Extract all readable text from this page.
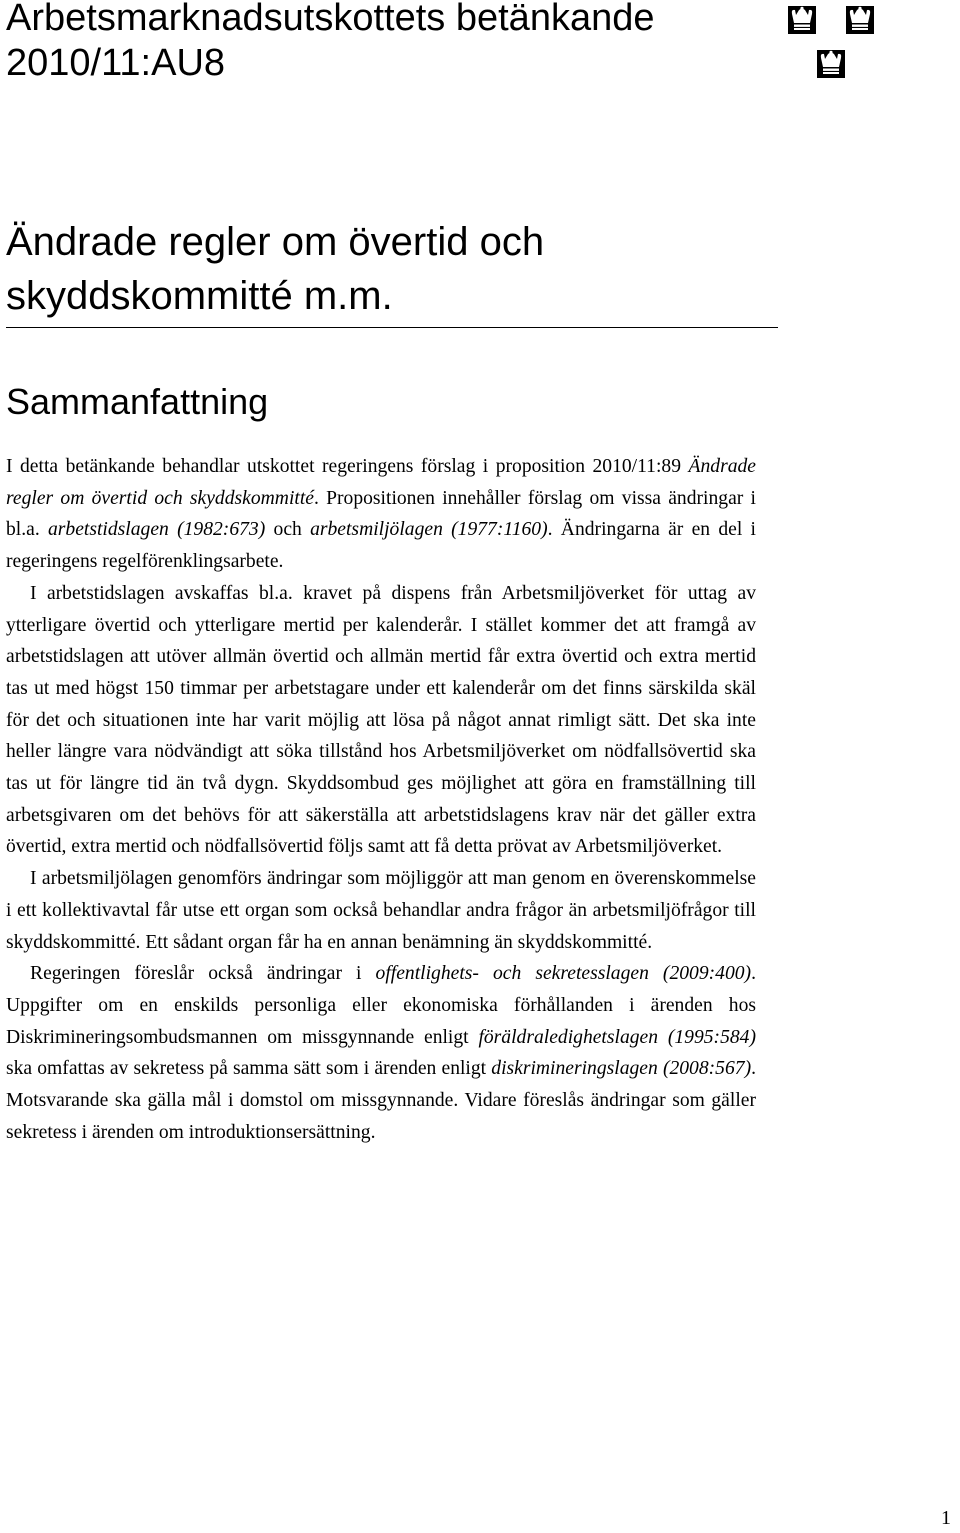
Arbetsmarknadsutskottets betänkande
2010/11:AU8
Ändrade regler om övertid och
skyddskommitté m.m.
Sammanfattning

I detta betänkande behandlar utskottet regeringens förslag i proposition 2010/11:89 Ändrade regler om övertid och skyddskommitté. Propositionen innehåller förslag om vissa ändringar i bl.a. arbetstidslagen (1982:673) och arbetsmiljölagen (1977:1160). Ändringarna är en del i regeringens regelförenklingsarbete.

I arbetstidslagen avskaffas bl.a. kravet på dispens från Arbetsmiljöverket för uttag av ytterligare övertid och ytterligare mertid per kalenderår. I stället kommer det att framgå av arbetstidslagen att utöver allmän övertid och allmän mertid får extra övertid och extra mertid tas ut med högst 150 timmar per arbetstagare under ett kalenderår om det finns särskilda skäl för det och situationen inte har varit möjlig att lösa på något annat rimligt sätt. Det ska inte heller längre vara nödvändigt att söka tillstånd hos Arbetsmiljöverket om nödfallsövertid ska tas ut för längre tid än två dygn. Skyddsombud ges möjlighet att göra en framställning till arbetsgivaren om det behövs för att säkerställa att arbetstidslagens krav när det gäller extra övertid, extra mertid och nödfallsövertid följs samt att få detta prövat av Arbetsmiljöverket.

I arbetsmiljölagen genomförs ändringar som möjliggör att man genom en överenskommelse i ett kollektivavtal får utse ett organ som också behandlar andra frågor än arbetsmiljöfrågor till skyddskommitté. Ett sådant organ får ha en annan benämning än skyddskommitté.

Regeringen föreslår också ändringar i offentlighets- och sekretesslagen (2009:400). Uppgifter om en enskilds personliga eller ekonomiska förhållanden i ärenden hos Diskrimineringsombudsmannen om missgynnande enligt föräldraledighetslagen (1995:584) ska omfattas av sekretess på samma sätt som i ärenden enligt diskrimineringslagen (2008:567). Motsvarande ska gälla mål i domstol om missgynnande. Vidare föreslås ändringar som gäller sekretess i ärenden om introduktionsersättning.

1
